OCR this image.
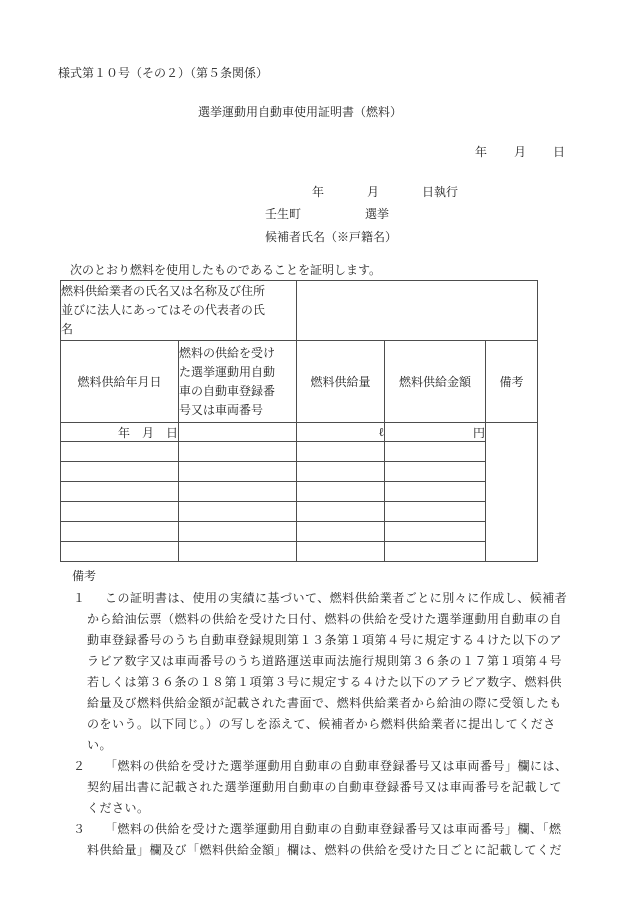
様式第１０号（その２）（第５条関係）
選挙運動用自動車使用証明書（燃料）
年 月 日
年	月	日執行
壬生町	選挙
候補者氏名（※戸籍名）
次のとおり燃料を使用したものであることを証明します。
燃料供給業者の氏名又は名称及び住所
並びに法人にあってはその代表者の氏
名				

燃料供給年月日	燃料の供給を受け
た選挙運動用自動
車の自動車登録番
号又は車両番号	燃料供給量	燃料供給金額	備考
年　月　日		ℓ	円	

備考
１ この証明書は、使用の実績に基づいて、燃料供給業者ごとに別々に作成し、候補者
から給油伝票（燃料の供給を受けた日付、燃料の供給を受けた選挙運動用自動車の自
動車登録番号のうち自動車登録規則第１３条第１項第４号に規定する４けた以下のア
ラビア数字又は車両番号のうち道路運送車両法施行規則第３６条の１７第１項第４号
若しくは第３６条の１８第１項第３号に規定する４けた以下のアラビア数字、燃料供
給量及び燃料供給金額が記載された書面で、燃料供給業者から給油の際に受領したも
のをいう。以下同じ。）の写しを添えて、候補者から燃料供給業者に提出してくださ
い。
２ 「燃料の供給を受けた選挙運動用自動車の自動車登録番号又は車両番号」欄には、
契約届出書に記載された選挙運動用自動車の自動車登録番号又は車両番号を記載して
ください。
３ 「燃料の供給を受けた選挙運動用自動車の自動車登録番号又は車両番号」欄、「燃
料供給量」欄及び「燃料供給金額」欄は、燃料の供給を受けた日ごとに記載してくだ
